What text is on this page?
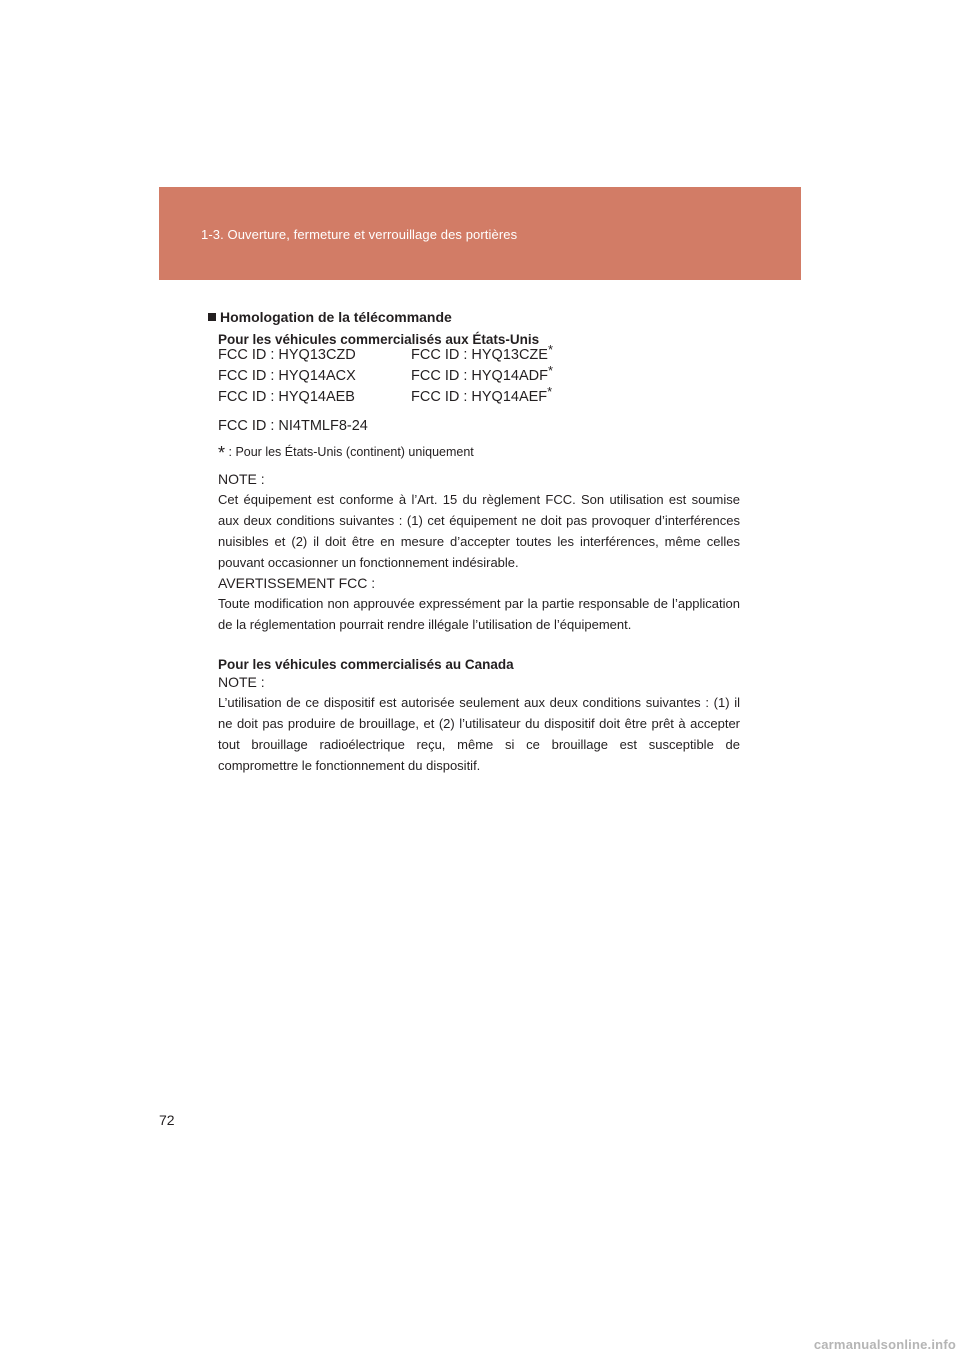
1-3. Ouverture, fermeture et verrouillage des portières
Homologation de la télécommande
Pour les véhicules commercialisés aux États-Unis
FCC ID : HYQ13CZD	FCC ID : HYQ13CZE*
FCC ID : HYQ14ACX	FCC ID : HYQ14ADF*
FCC ID : HYQ14AEB	FCC ID : HYQ14AEF*
FCC ID : NI4TMLF8-24
* : Pour les États-Unis (continent) uniquement
NOTE :
Cet équipement est conforme à l’Art. 15 du règlement FCC. Son utilisation est soumise aux deux conditions suivantes : (1) cet équipement ne doit pas provoquer d’interférences nuisibles et (2) il doit être en mesure d’accepter toutes les interférences, même celles pouvant occasionner un fonctionnement indésirable.
AVERTISSEMENT FCC :
Toute modification non approuvée expressément par la partie responsable de l’application de la réglementation pourrait rendre illégale l’utilisation de l’équipement.
Pour les véhicules commercialisés au Canada
NOTE :
L’utilisation de ce dispositif est autorisée seulement aux deux conditions suivantes : (1) il ne doit pas produire de brouillage, et (2) l’utilisateur du dispositif doit être prêt à accepter tout brouillage radioélectrique reçu, même si ce brouillage est susceptible de compromettre le fonctionnement du dispositif.
72
carmanualsonline.info
